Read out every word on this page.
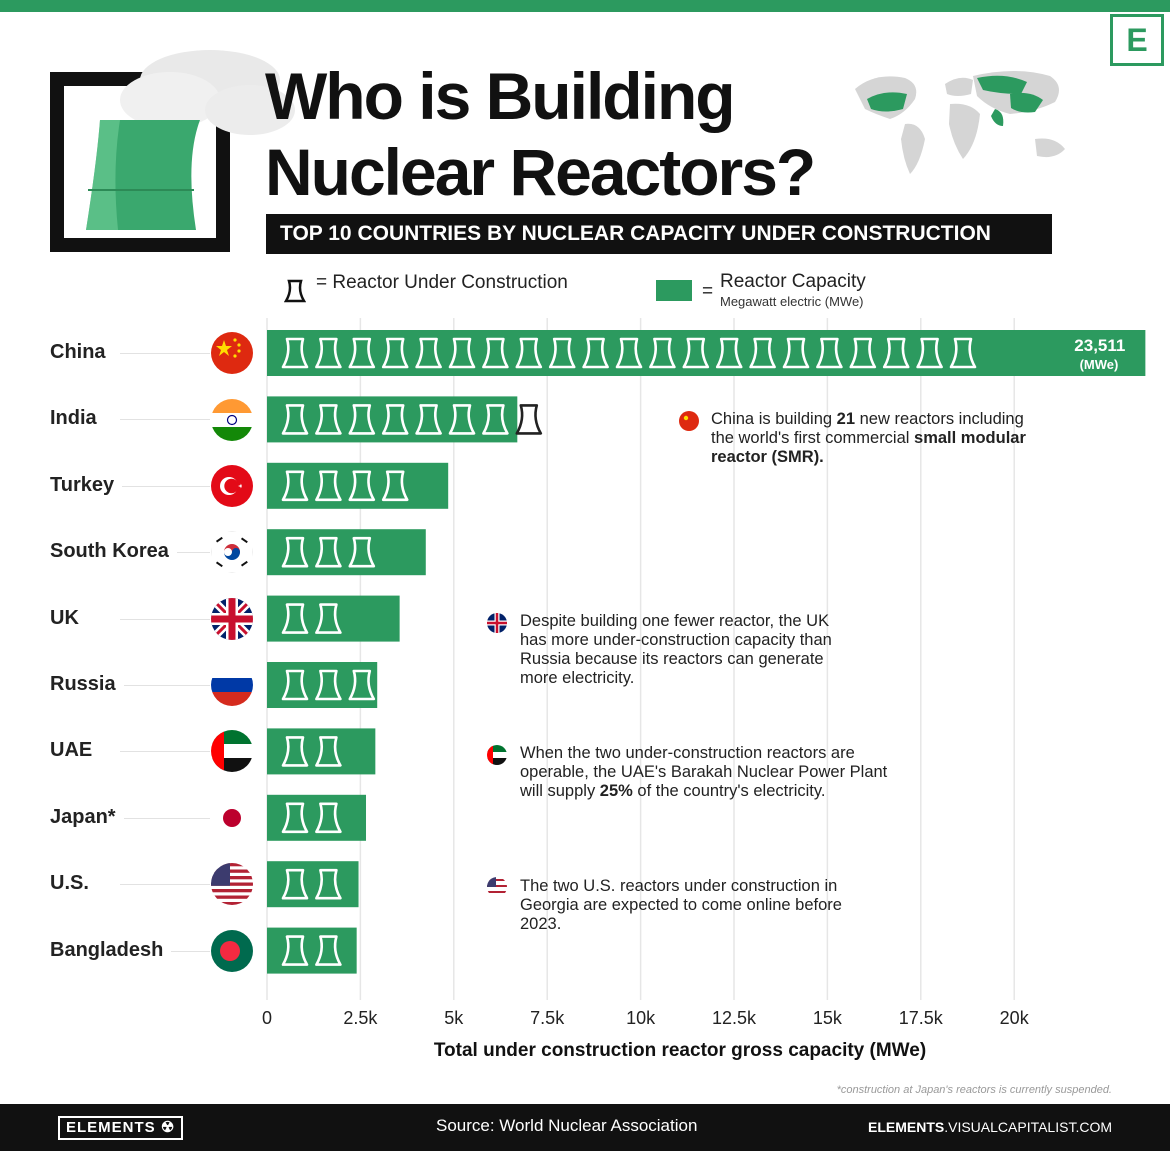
E
Who is Building
Nuclear Reactors?
TOP 10 COUNTRIES BY NUCLEAR CAPACITY UNDER CONSTRUCTION
= Reactor Under Construction	= Reactor Capacity
Megawatt electric (MWe)
23,511
(MWe)
China
India
Turkey
South Korea
UK
Russia
UAE
Japan*
U.S.
Bangladesh
China is building 21 new reactors including the world's first commercial small modular reactor (SMR).
Despite building one fewer reactor, the UK has more under-construction capacity than Russia because its reactors can generate more electricity.
When the two under-construction reactors are operable, the UAE's Barakah Nuclear Power Plant will supply 25% of the country's electricity.
The two U.S. reactors under construction in Georgia are expected to come online before 2023.
0	2.5k	5k	7.5k	10k	12.5k	15k	17.5k	20k
Total under construction reactor gross capacity (MWe)
*construction at Japan's reactors is currently suspended.
ELEMENTS ☢	Source: World Nuclear Association	ELEMENTS.VISUALCAPITALIST.COM
